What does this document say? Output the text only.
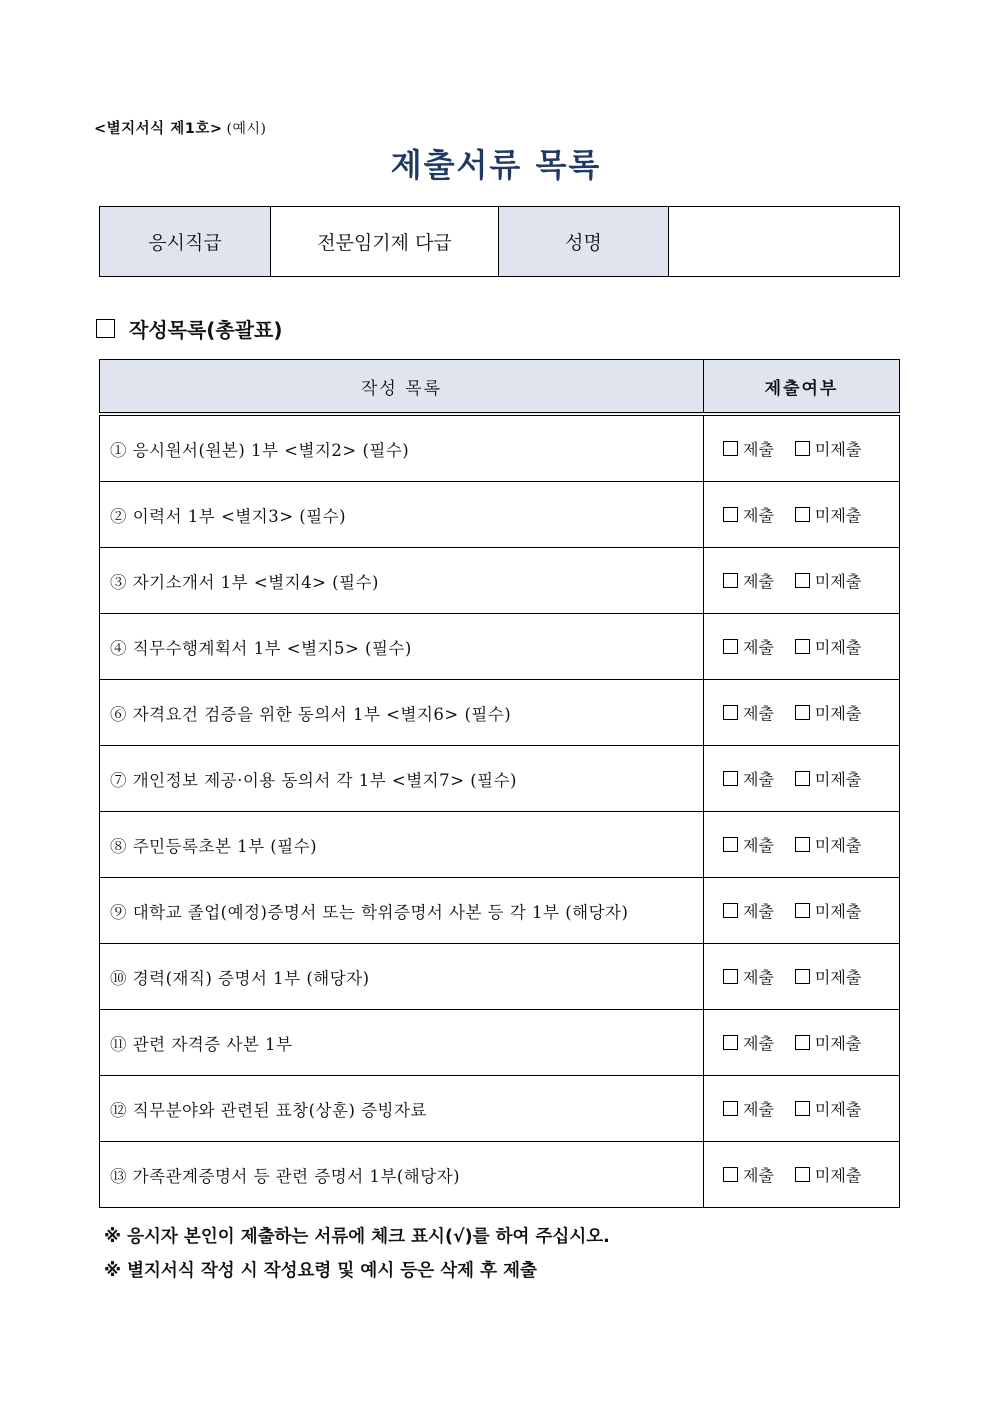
<별지서식 제1호> (예시)
제출서류 목록
응시직급	전문임기제 다급	성명	
작성목록(총괄표)
작성 목록	제출여부
① 응시원서(원본) 1부 <별지2> (필수)	제출 미제출

② 이력서 1부 <별지3> (필수)	제출 미제출

③ 자기소개서 1부 <별지4> (필수)	제출 미제출

④ 직무수행계획서 1부 <별지5> (필수)	제출 미제출

⑥ 자격요건 검증을 위한 동의서 1부 <별지6> (필수)	제출 미제출

⑦ 개인정보 제공·이용 동의서 각 1부 <별지7> (필수)	제출 미제출

⑧ 주민등록초본 1부 (필수)	제출 미제출

⑨ 대학교 졸업(예정)증명서 또는 학위증명서 사본 등 각 1부 (해당자)	제출 미제출

⑩ 경력(재직) 증명서 1부 (해당자)	제출 미제출

⑪ 관련 자격증 사본 1부	제출 미제출

⑫ 직무분야와 관련된 표창(상훈) 증빙자료	제출 미제출

⑬ 가족관계증명서 등 관련 증명서 1부(해당자)	제출 미제출
※ 응시자 본인이 제출하는 서류에 체크 표시(√)를 하여 주십시오.
※ 별지서식 작성 시 작성요령 및 예시 등은 삭제 후 제출
